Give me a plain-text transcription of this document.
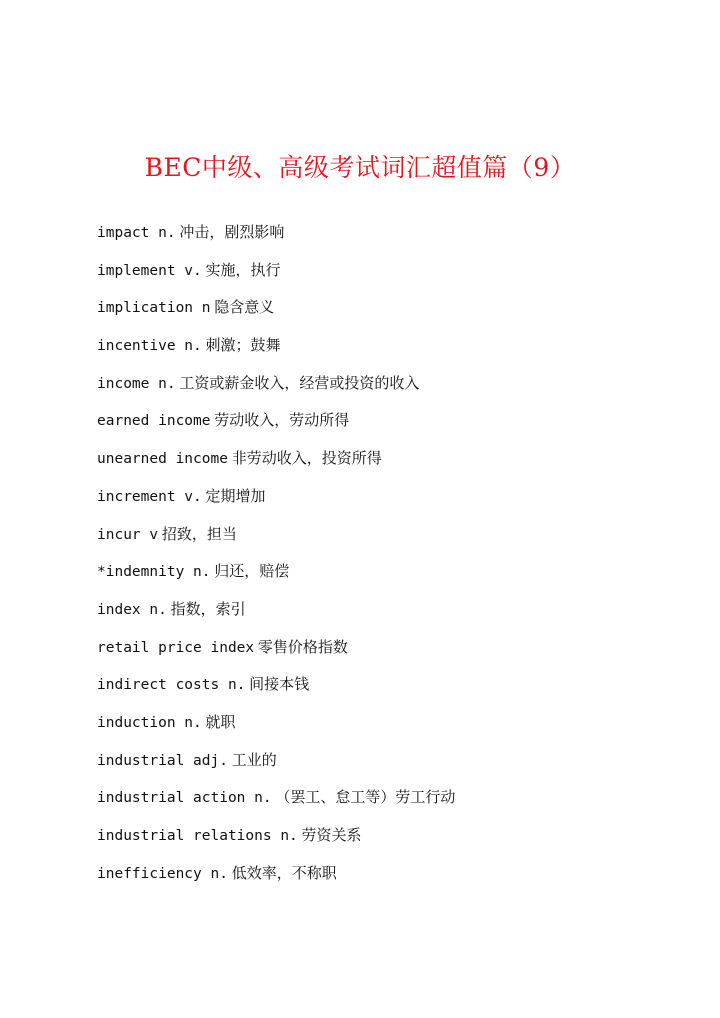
BEC中级、高级考试词汇超值篇（9）
impact n. 冲击，剧烈影响
implement v. 实施，执行
implication n 隐含意义
incentive n. 刺激；鼓舞
income n. 工资或薪金收入，经营或投资的收入
earned income 劳动收入，劳动所得
unearned income 非劳动收入，投资所得
increment v. 定期增加
incur v 招致，担当
*indemnity n. 归还，赔偿
index n. 指数，索引
retail price index 零售价格指数
indirect costs n. 间接本钱
induction n. 就职
industrial adj. 工业的
industrial action n. （罢工、怠工等）劳工行动
industrial relations n. 劳资关系
inefficiency n. 低效率，不称职
